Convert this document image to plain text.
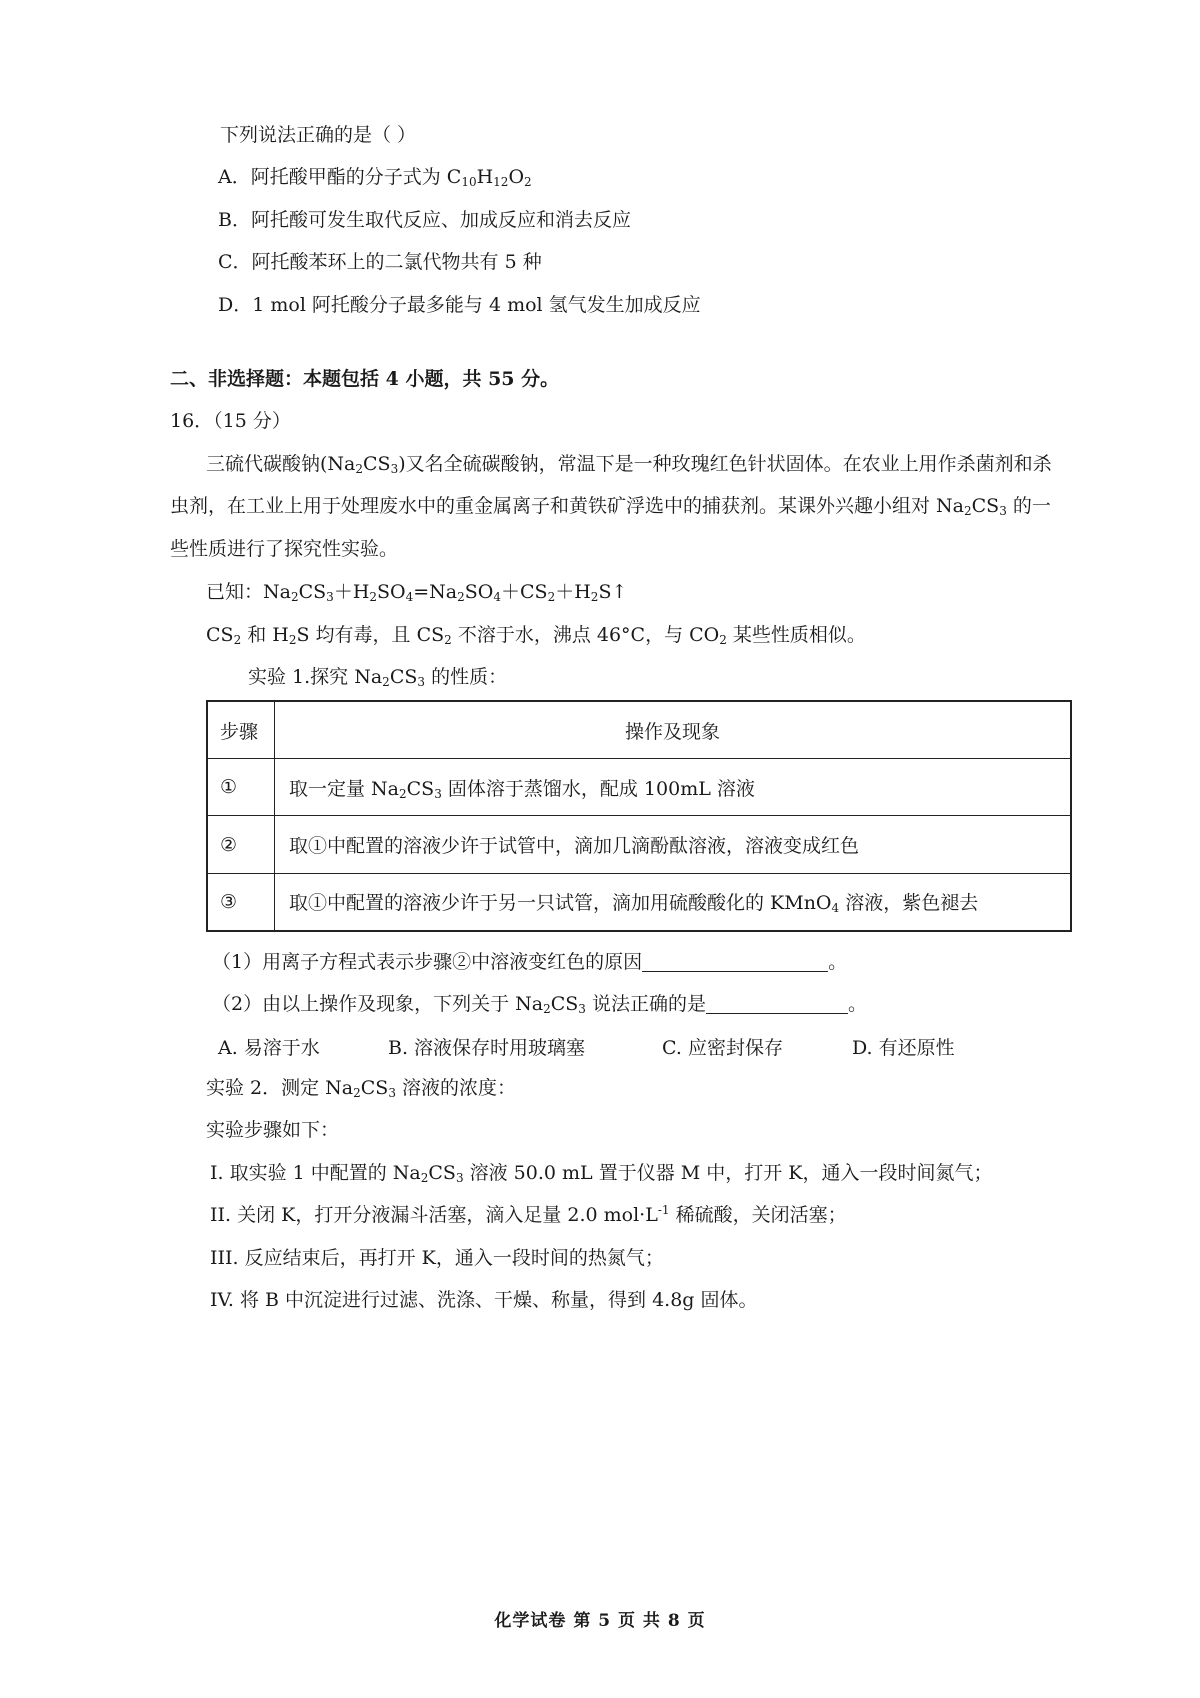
下列说法正确的是（ ）
A．阿托酸甲酯的分子式为 $C_{10}H_{12}O_2$
B．阿托酸可发生取代反应、加成反应和消去反应
C．阿托酸苯环上的二氯代物共有 5 种
D．1 mol 阿托酸分子最多能与 4 mol 氢气发生加成反应
二、非选择题：本题包括 4 小题，共 55 分。
16．（15 分）
三硫代碳酸钠$(Na_2CS_3)$又名全硫碳酸钠，常温下是一种玫瑰红色针状固体。在农业上用作杀菌剂和杀
虫剂，在工业上用于处理废水中的重金属离子和黄铁矿浮选中的捕获剂。某课外兴趣小组对 $Na_2CS_3$ 的一
些性质进行了探究性实验。
已知：$Na_2CS_3+H_2SO_4=Na_2SO_4+CS_2+H_2S↑$
$CS_2$ 和 $H_2S$ 均有毒，且 $CS_2$ 不溶于水，沸点 46°C，与 $CO_2$ 某些性质相似。
实验 1.探究 $Na_2CS_3$ 的性质：
步骤	操作及现象
①	取一定量 $Na_2CS_3$ 固体溶于蒸馏水，配成 100mL 溶液
②	取①中配置的溶液少许于试管中，滴加几滴酚酞溶液，溶液变成红色
③	取①中配置的溶液少许于另一只试管，滴加用硫酸酸化的 KMnO$_4$ 溶液，紫色褪去
（1）用离子方程式表示步骤②中溶液变红色的原因	。
（2）由以上操作及现象，下列关于 $Na_2CS_3$ 说法正确的是	。
A. 易溶于水	B. 溶液保存时用玻璃塞	C. 应密封保存	D. 有还原性
实验 2．测定 $Na_2CS_3$ 溶液的浓度：
实验步骤如下：
I. 取实验 1 中配置的 $Na_2CS_3$ 溶液 50.0 mL 置于仪器 M 中，打开 K，通入一段时间氮气；
II. 关闭 K，打开分液漏斗活塞，滴入足量 2.0 $mol\cdot L^{-1}$ 稀硫酸，关闭活塞；
III. 反应结束后，再打开 K，通入一段时间的热氮气；
IV. 将 B 中沉淀进行过滤、洗涤、干燥、称量，得到 4.8g 固体。
化学试卷 第 5 页 共 8 页
